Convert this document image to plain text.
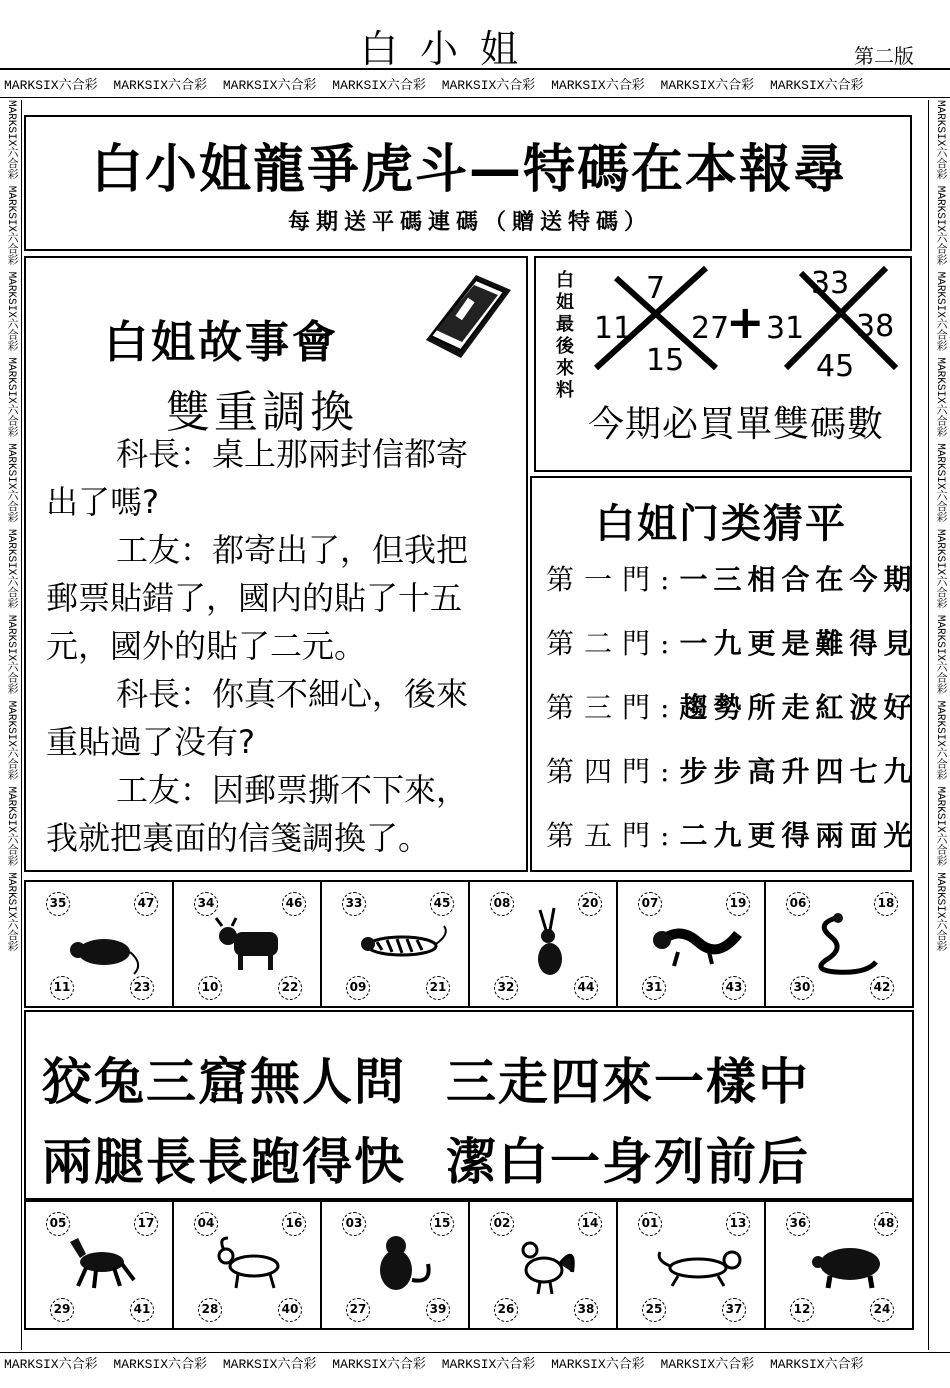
白小姐	第二版
MARKSIX六合彩 MARKSIX六合彩 MARKSIX六合彩 MARKSIX六合彩 MARKSIX六合彩 MARKSIX六合彩 MARKSIX六合彩 MARKSIX六合彩
MARKSIX六合彩 MARKSIX六合彩 MARKSIX六合彩 MARKSIX六合彩 MARKSIX六合彩 MARKSIX六合彩 MARKSIX六合彩 MARKSIX六合彩 MARKSIX六合彩 MARKSIX六合彩	MARKSIX六合彩 MARKSIX六合彩 MARKSIX六合彩 MARKSIX六合彩 MARKSIX六合彩 MARKSIX六合彩 MARKSIX六合彩 MARKSIX六合彩 MARKSIX六合彩 MARKSIX六合彩
白小姐龍爭虎斗—特碼在本報尋
每期送平碼連碼（贈送特碼）
白姐故事會
雙重調換

科長：桌上那兩封信都寄

出了嗎?

工友：都寄出了，但我把

郵票貼錯了，國内的貼了十五

元，國外的貼了二元。

科長：你真不細心，後來

重貼過了没有?

工友：因郵票撕不下來，

我就把裏面的信箋調換了。

白姐最後來料 7
11 27
15
+
33
31 38
45
今期必買單雙碼數
白姐门类猜平
第一門:一三相合在今期
第二門:一九更是難得見
第三門:趨勢所走紅波好
第四門:步步高升四七九
第五門:二九更得兩面光
35	47
11	23
34	46
10	22
33	45
09	21
08	20
32	44
07	19
31	43
06	18
30	42
狡兔三窟無人問 三走四來一樣中
兩腿長長跑得快 潔白一身列前后
05	17
29	41
04	16
28	40
03	15
27	39
02	14
26	38
01	13
25	37
36	48
12	24
MARKSIX六合彩 MARKSIX六合彩 MARKSIX六合彩 MARKSIX六合彩 MARKSIX六合彩 MARKSIX六合彩 MARKSIX六合彩 MARKSIX六合彩
